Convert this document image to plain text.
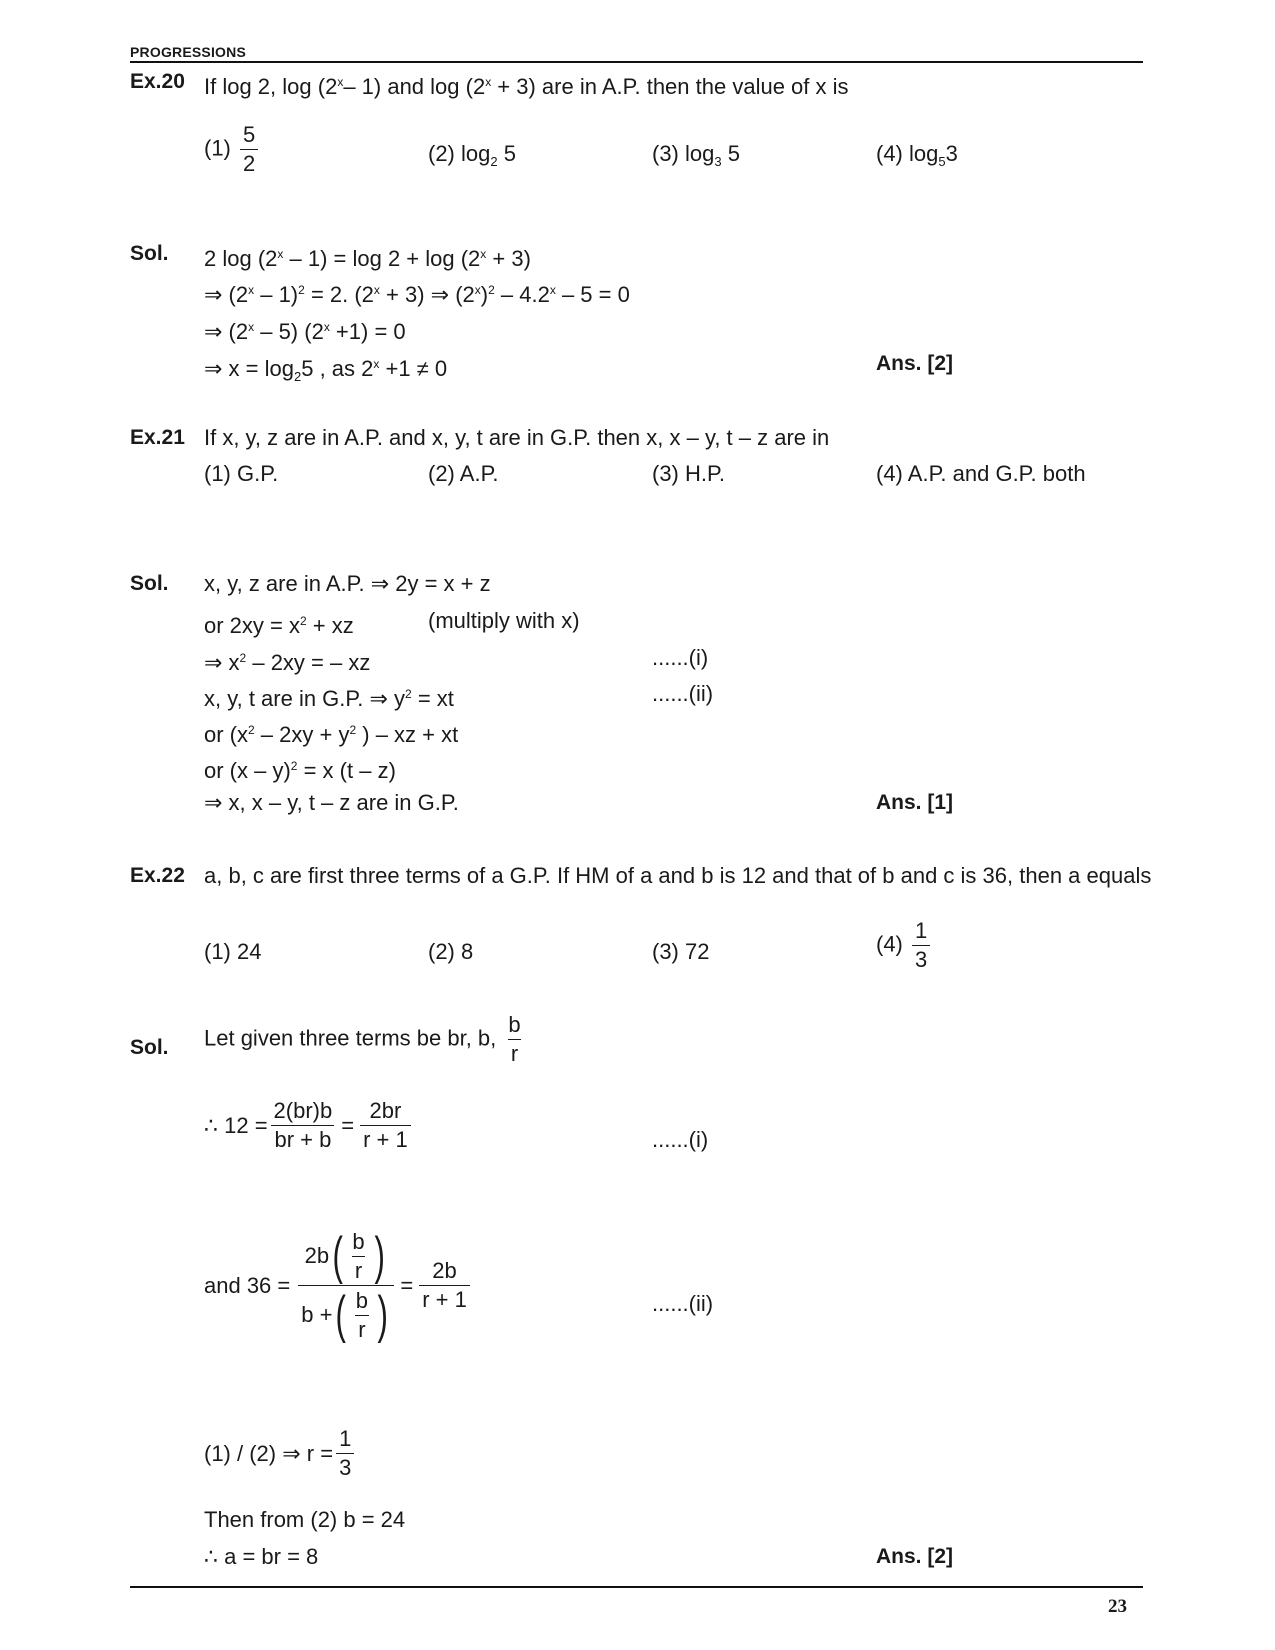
PROGRESSIONS
Ex.20 If log 2, log (2$^x$– 1) and $\log (2^x + 3)$ are in A.P. then the value of x is
$(1) \frac{5}{2}$	(2) $\log_2 5$	(3) $\log_3 5$	(4) $\log_53$
Sol. 2 $\log (2^x - 1) = \log 2 + \log (2^x + 3)$
⇒ (2$^x$ – 1)$^2$ = 2. $(2^x + 3)$ ⇒ $(2^x)^2 - 4.2^x - 5 = 0$
⇒ (2$^x$ – 5) $(2^x +1) = 0$
⇒ $x = \log_25$ , as $2^x +1 \ne 0$	Ans. [2]
Ex.21 If x, y, z are in A.P. and x, y, t are in G.P. then x, x – y, t – z are in
(1) G.P.	(2) A.P.	(3) H.P.	(4) A.P. and G.P. both
Sol. x, y, z are in A.P. ⇒ 2y = x + z
or $2xy = x^2$ + xz	(multiply with x)
⇒ $x^2 - 2xy$ = – xz	......(i)
x, y, t are in G.P. ⇒ $y^2$ = xt	......(ii)
or ($x^2 - 2xy + y^2$ ) – xz + xt
or (x – y)$^2$ = x (t – z)
⇒ x, x – y, t – z are in G.P.	Ans. [1]
Ex.22 a, b, c are first three terms of a G.P. If HM of a and b is 12 and that of b and c is 36, then a equals
(1) 24	(2) 8	(3) 72	$(4) \frac{1}{3}$
Sol. Let given three terms be br, b, $\frac{b}{r}$
∴ $12 = \frac{2(br)b}{br + b} = \frac{2br}{r + 1}$	......(i)
and $36 = \frac{2b ( \frac{b}{r} )}{b + ( \frac{b}{r} )} = \frac{2b}{r + 1}$	......(ii)
(1) / (2) ⇒ $r = \frac{1}{3}$
Then from (2) b = 24
∴ a = br = 8	Ans. [2]
23
